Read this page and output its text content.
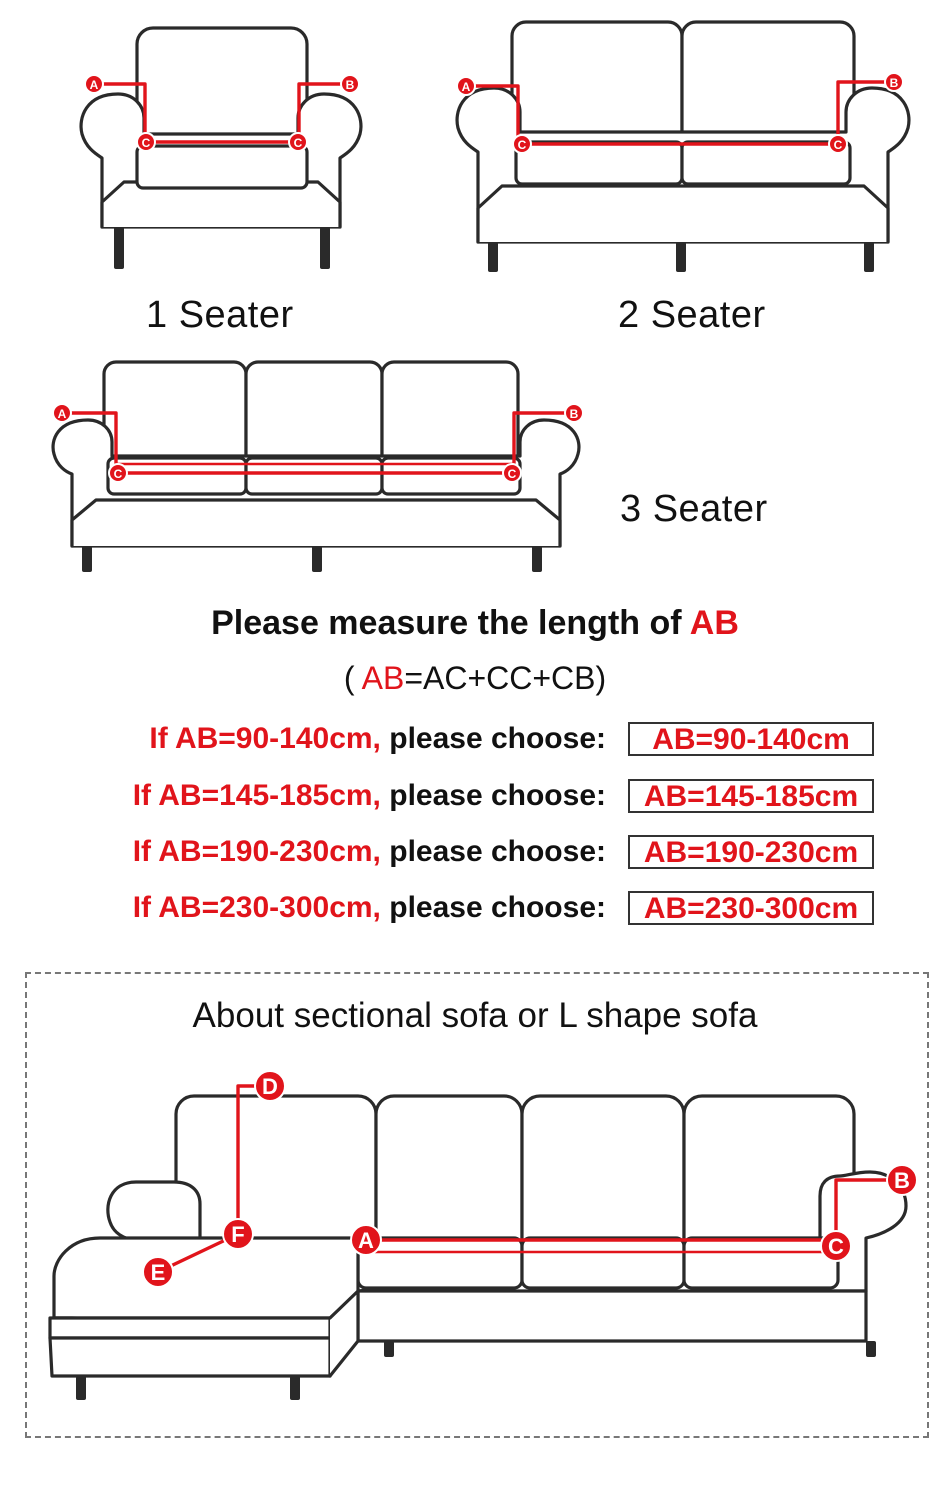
A	B
C	C
1 Seater
A	B
C	C
2 Seater
A	B
C	C
3 Seater
Please measure the length of AB
( AB=AC+CC+CB)
If AB=90-140cm, please choose:	AB=90-140cm
If AB=145-185cm, please choose:	AB=145-185cm
If AB=190-230cm, please choose:	AB=190-230cm
If AB=230-300cm, please choose:	AB=230-300cm
About sectional sofa or L shape sofa
D
F
E
A	C
B
